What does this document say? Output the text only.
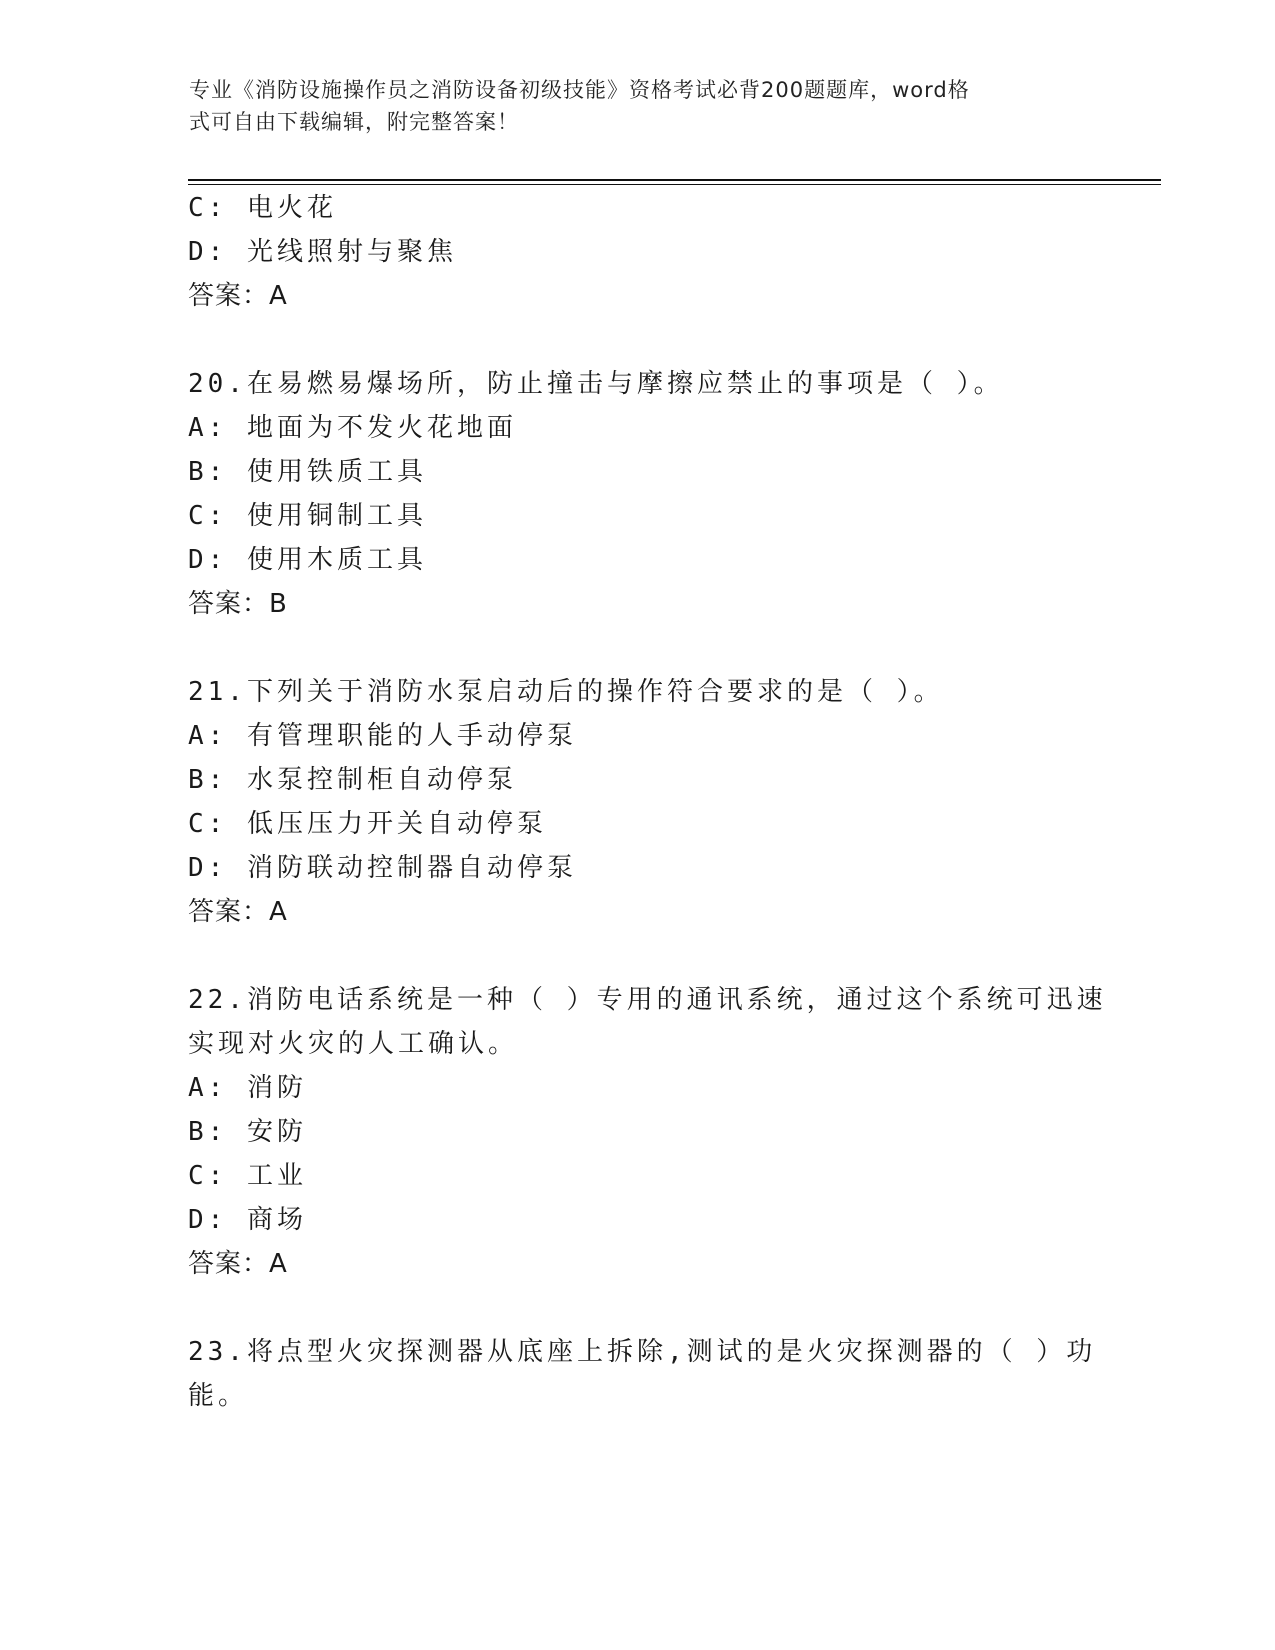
专业《消防设施操作员之消防设备初级技能》资格考试必背200题题库，word格
式可自由下载编辑，附完整答案！
C: 电火花
D: 光线照射与聚焦
答案：A
20.在易燃易爆场所，防止撞击与摩擦应禁止的事项是（ ）。
A: 地面为不发火花地面
B: 使用铁质工具
C: 使用铜制工具
D: 使用木质工具
答案：B
21.下列关于消防水泵启动后的操作符合要求的是（ ）。
A: 有管理职能的人手动停泵
B: 水泵控制柜自动停泵
C: 低压压力开关自动停泵
D: 消防联动控制器自动停泵
答案：A
22.消防电话系统是一种（ ）专用的通讯系统，通过这个系统可迅速
实现对火灾的人工确认。
A: 消防
B: 安防
C: 工业
D: 商场
答案：A
23.将点型火灾探测器从底座上拆除,测试的是火灾探测器的（ ）功
能。
